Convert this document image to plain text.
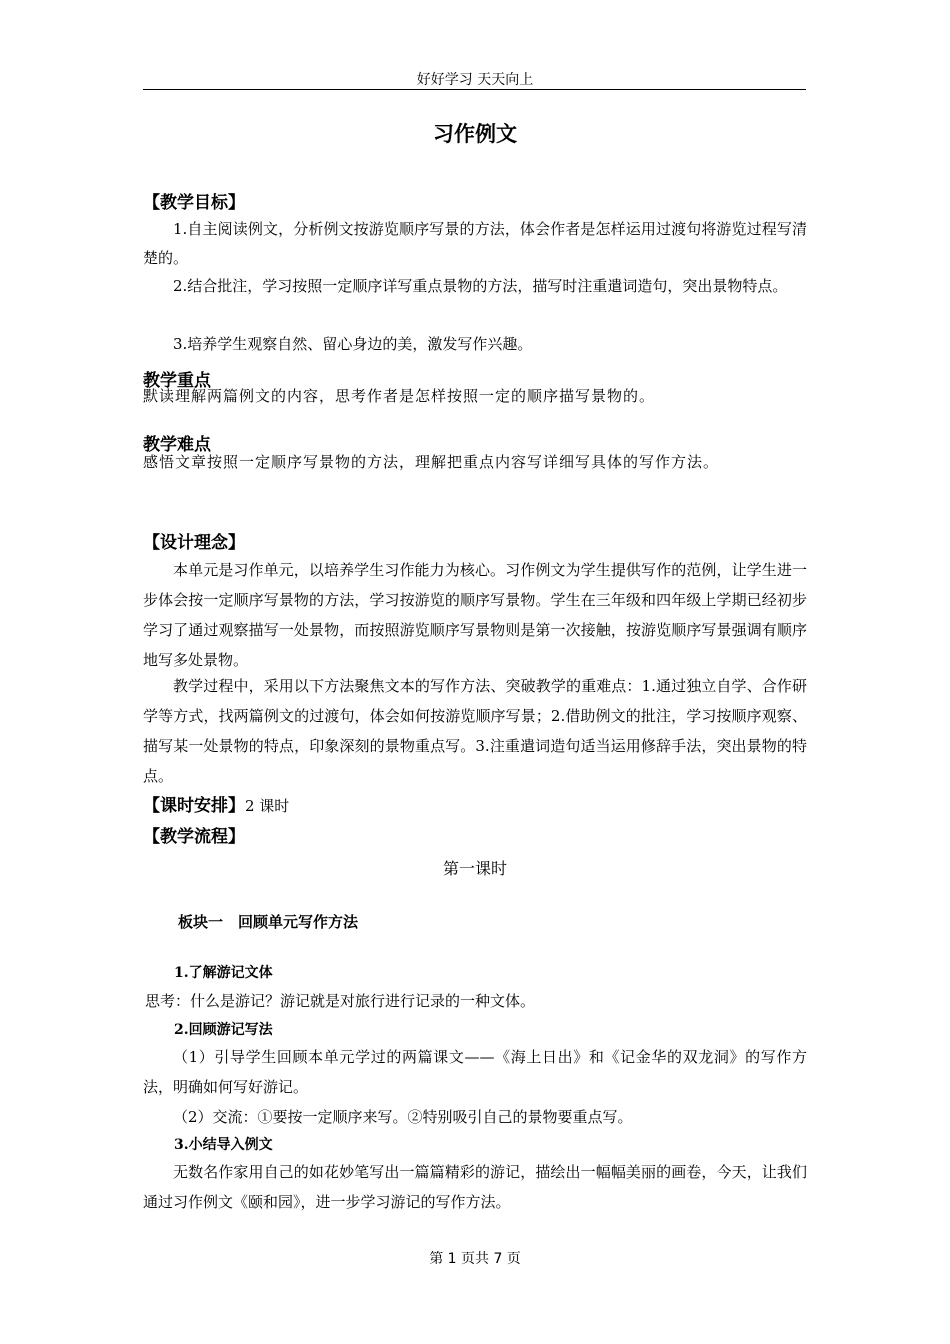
好好学习 天天向上
习作例文
【教学目标】
1.自主阅读例文，分析例文按游览顺序写景的方法，体会作者是怎样运用过渡句将游览过程写清楚的。
2.结合批注，学习按照一定顺序详写重点景物的方法，描写时注重遣词造句，突出景物特点。
3.培养学生观察自然、留心身边的美，激发写作兴趣。
教学重点
默读理解两篇例文的内容，思考作者是怎样按照一定的顺序描写景物的。
教学难点
感悟文章按照一定顺序写景物的方法，理解把重点内容写详细写具体的写作方法。
【设计理念】
本单元是习作单元，以培养学生习作能力为核心。习作例文为学生提供写作的范例，让学生进一步体会按一定顺序写景物的方法，学习按游览的顺序写景物。学生在三年级和四年级上学期已经初步学习了通过观察描写一处景物，而按照游览顺序写景物则是第一次接触，按游览顺序写景强调有顺序地写多处景物。
教学过程中，采用以下方法聚焦文本的写作方法、突破教学的重难点：1.通过独立自学、合作研学等方式，找两篇例文的过渡句，体会如何按游览顺序写景；2.借助例文的批注，学习按顺序观察、描写某一处景物的特点，印象深刻的景物重点写。3.注重遣词造句适当运用修辞手法，突出景物的特点。
【课时安排】2 课时
【教学流程】
第一课时
板块一　回顾单元写作方法
1.了解游记文体
思考：什么是游记？游记就是对旅行进行记录的一种文体。
2.回顾游记写法
（1）引导学生回顾本单元学过的两篇课文——《海上日出》和《记金华的双龙洞》的写作方法，明确如何写好游记。
（2）交流：①要按一定顺序来写。②特别吸引自己的景物要重点写。
3.小结导入例文
无数名作家用自己的如花妙笔写出一篇篇精彩的游记，描绘出一幅幅美丽的画卷，今天，让我们通过习作例文《颐和园》，进一步学习游记的写作方法。
第 1 页共 7 页
